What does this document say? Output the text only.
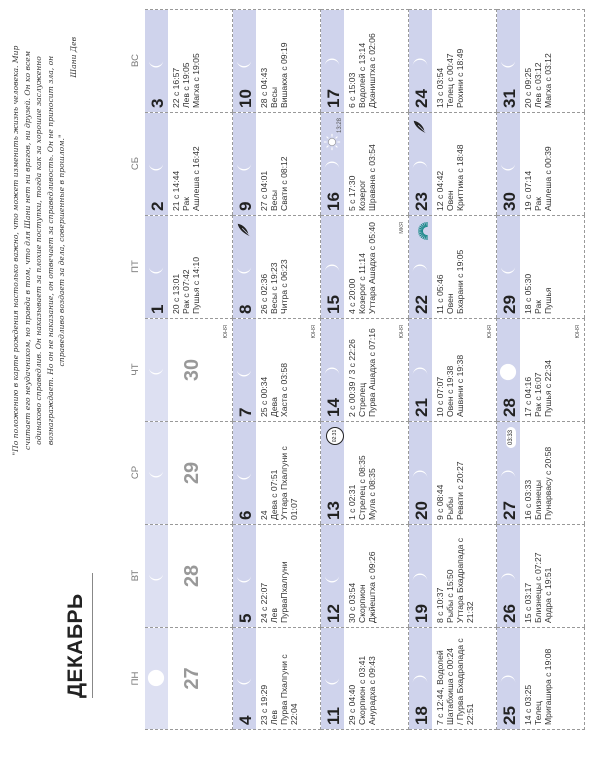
ДЕКАБРЬ
"По положению в карте рождения настолько важно, что может изменить жизнь человека. Мир считает его неудачником, но правда в том, что для Шани нет ни врагов, ни друзей. Он ко всем одинаково справедлив. Он наказывает за плохие поступки, тогда как за хорошие заслуженно вознаграждает. Но он не наказание, он отвечает за справедливость. Он не приносит зла, он справедливо воздает за дела, совершенные в прошлом."
Шани Дев
ПН
ВТ
СР
ЧТ
ПТ
СБ
ВС
27
28
29
30
ЮНЯ
1 20 с 13:01 Рак с 07:42 Пушья с 14:10
2 21 с 14:44 Рак Ашлеша с 16:42
3 22 с 16:57 Лев с 19:05 Магха с 19:05
4 23 с 19:29 Лев Пурва Пхалгуни с 22:04
5 24 с 22:07 Лев ПурваПхалгуни
6 24 Дева с 07:51 Уттара Пхалгуни с 01:07
7 25 с 00:34 Дева Хаста с 03:58
ЮНЯ
8 26 с 02:36 Весы с 19:23 Читра с 06:23
9 27 с 04:01 Весы Свати с 08:12
10 28 с 04:43 Весы Вишакха с 09:19
11 29 с 04:40 Скорпион с 03:41 Анурадха с 09:43
12 30 с 03:54 Скорпион Джйештха с 09:26
13
02:31
1 с 02:31 Стрелец с 08:35 Мула с 08:35
14 2 с 00:39 / 3 с 22:26 Стрелец Пурва Ашадха с 07:16	ЮНЯ
15 4 с 20:00 Козерог с 11:14 Уттара Ашадха с 05:40	МКЯ
16
13:28
5 с 17:30 Козерог Шравана с 03:54
17 6 с 15:03 Водолей с 13:14 Дхаништха с 02:06
18 7 с 12:44, Водолей Шатабхиша с 00:24 / Пурва Бхадрапада с 22:51
19 8 с 10:37 Рыбы с 15:50 Уттара Бхадрапада с 21:32
20 9 с 08:44 Рыбы Ревати с 20:27
21 10 с 07:07 Овен с 19:38 Ашвини с 19:38
ЮНЯ
22 11 с 05:46 Овен Бхарани с 19:05
23 12 с 04:42 Овен Криттика с 18:48
24 13 с 03:54 Телец с 00:47 Рохини с 18:49
25 14 с 03:25 Телец Мригашира с 19:08
26 15 с 03:17 Близнецы с 07:27 Ардра с 19:51
27
03:33
16 с 03:33 Близнецы Пунарвасу с 20:58
28 17 с 04:16 Рак с 16:07 Пушья с 22:34
ЮНЯ
29 18 с 05:30 Рак Пушья
30 19 с 07:14 Рак Ашлеша с 00:39
31 20 с 09:25 Лев с 03:12 Магха с 03:12
